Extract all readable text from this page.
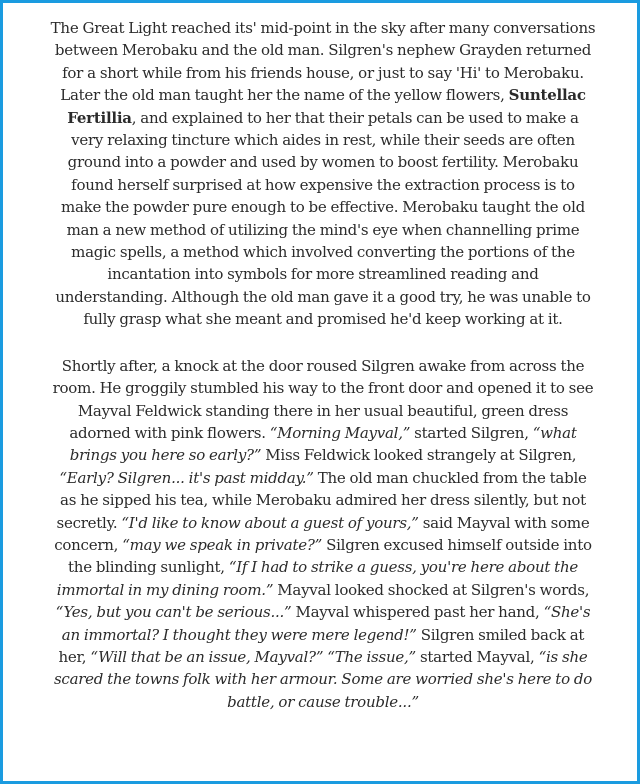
The Great Light reached its' mid-point in the sky after many conversations between Merobaku and the old man. Silgren's nephew Grayden returned for a short while from his friends house, or just to say 'Hi' to Merobaku. Later the old man taught her the name of the yellow flowers, Suntellac Fertillia, and explained to her that their petals can be used to make a very relaxing tincture which aides in rest, while their seeds are often ground into a powder and used by women to boost fertility. Merobaku found herself surprised at how expensive the extraction process is to make the powder pure enough to be effective. Merobaku taught the old man a new method of utilizing the mind's eye when channelling prime magic spells, a method which involved converting the portions of the incantation into symbols for more streamlined reading and understanding. Although the old man gave it a good try, he was unable to fully grasp what she meant and promised he'd keep working at it.

Shortly after, a knock at the door roused Silgren awake from across the room. He groggily stumbled his way to the front door and opened it to see Mayval Feldwick standing there in her usual beautiful, green dress adorned with pink flowers. “Morning Mayval,” started Silgren, “what brings you here so early?” Miss Feldwick looked strangely at Silgren, “Early? Silgren... it's past midday.” The old man chuckled from the table as he sipped his tea, while Merobaku admired her dress silently, but not secretly. “I'd like to know about a guest of yours,” said Mayval with some concern, “may we speak in private?” Silgren excused himself outside into the blinding sunlight, “If I had to strike a guess, you're here about the immortal in my dining room.” Mayval looked shocked at Silgren's words, “Yes, but you can't be serious...” Mayval whispered past her hand, “She's an immortal? I thought they were mere legend!” Silgren smiled back at her, “Will that be an issue, Mayval?” “The issue,” started Mayval, “is she scared the towns folk with her armour. Some are worried she's here to do battle, or cause trouble...”
